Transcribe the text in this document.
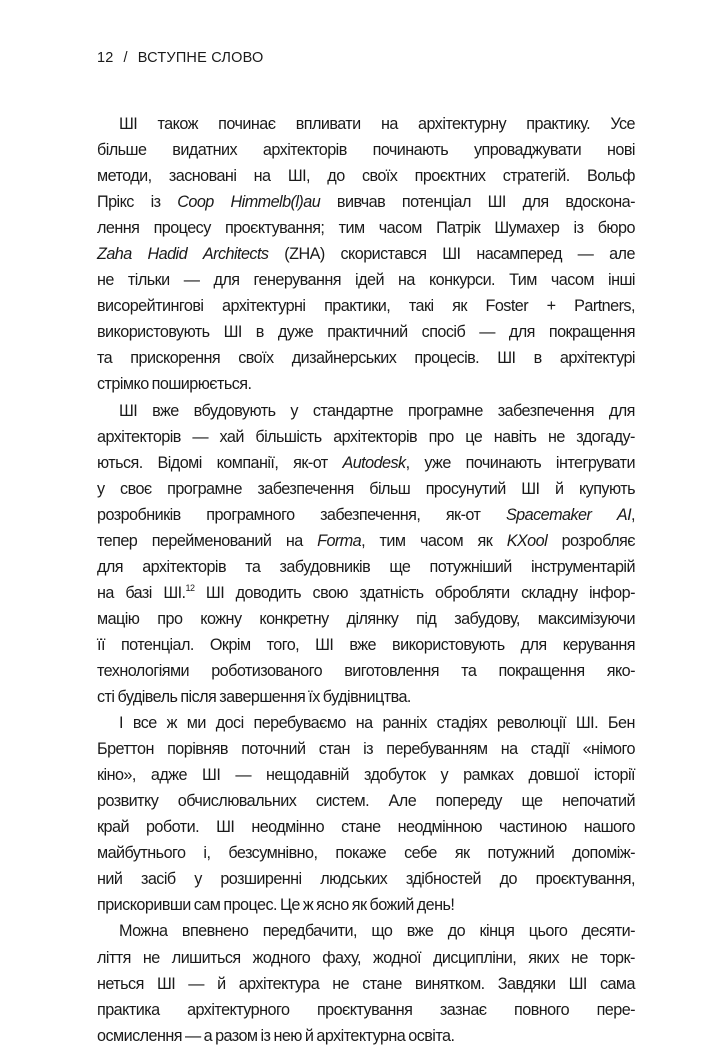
12 / ВСТУПНЕ СЛОВО
ШІ також починає впливати на архітектурну практику. Усе
більше видатних архітекторів починають упроваджувати нові
методи, засновані на ШІ, до своїх проєктних стратегій. Вольф
Прікс із Coop Himmelb(l)au вивчав потенціал ШІ для вдоскона-
лення процесу проєктування; тим часом Патрік Шумахер із бюро
Zaha Hadid Architects (ZHA) скористався ШІ насамперед — але
не тільки — для генерування ідей на конкурси. Тим часом інші
висорейтингові архітектурні практики, такі як Foster + Partners,
використовують ШІ в дуже практичний спосіб — для покращення
та прискорення своїх дизайнерських процесів. ШІ в архітектурі
стрімко поширюється.
ШІ вже вбудовують у стандартне програмне забезпечення для
архітекторів — хай більшість архітекторів про це навіть не здогаду-
ються. Відомі компанії, як-от Autodesk, уже починають інтегрувати
у своє програмне забезпечення більш просунутий ШІ й купують
розробників програмного забезпечення, як-от Spacemaker AI,
тепер перейменований на Forma, тим часом як KXool розробляє
для архітекторів та забудовників ще потужніший інструментарій
на базі ШІ.$^{12}$ ШІ доводить свою здатність обробляти складну інфор-
мацію про кожну конкретну ділянку під забудову, максимізуючи
її потенціал. Окрім того, ШІ вже використовують для керування
технологіями роботизованого виготовлення та покращення яко-
сті будівель після завершення їх будівництва.
І все ж ми досі перебуваємо на ранніх стадіях революції ШІ. Бен
Бреттон порівняв поточний стан із перебуванням на стадії «німого
кіно», адже ШІ — нещодавній здобуток у рамках довшої історії
розвитку обчислювальних систем. Але попереду ще непочатий
край роботи. ШІ неодмінно стане неодмінною частиною нашого
майбутнього і, безсумнівно, покаже себе як потужний допоміж-
ний засіб у розширенні людських здібностей до проєктування,
прискоривши сам процес. Це ж ясно як божий день!
Можна впевнено передбачити, що вже до кінця цього десяти-
ліття не лишиться жодного фаху, жодної дисципліни, яких не торк-
неться ШІ — й архітектура не стане винятком. Завдяки ШІ сама
практика архітектурного проєктування зазнає повного пере-
осмислення — а разом із нею й архітектурна освіта.
